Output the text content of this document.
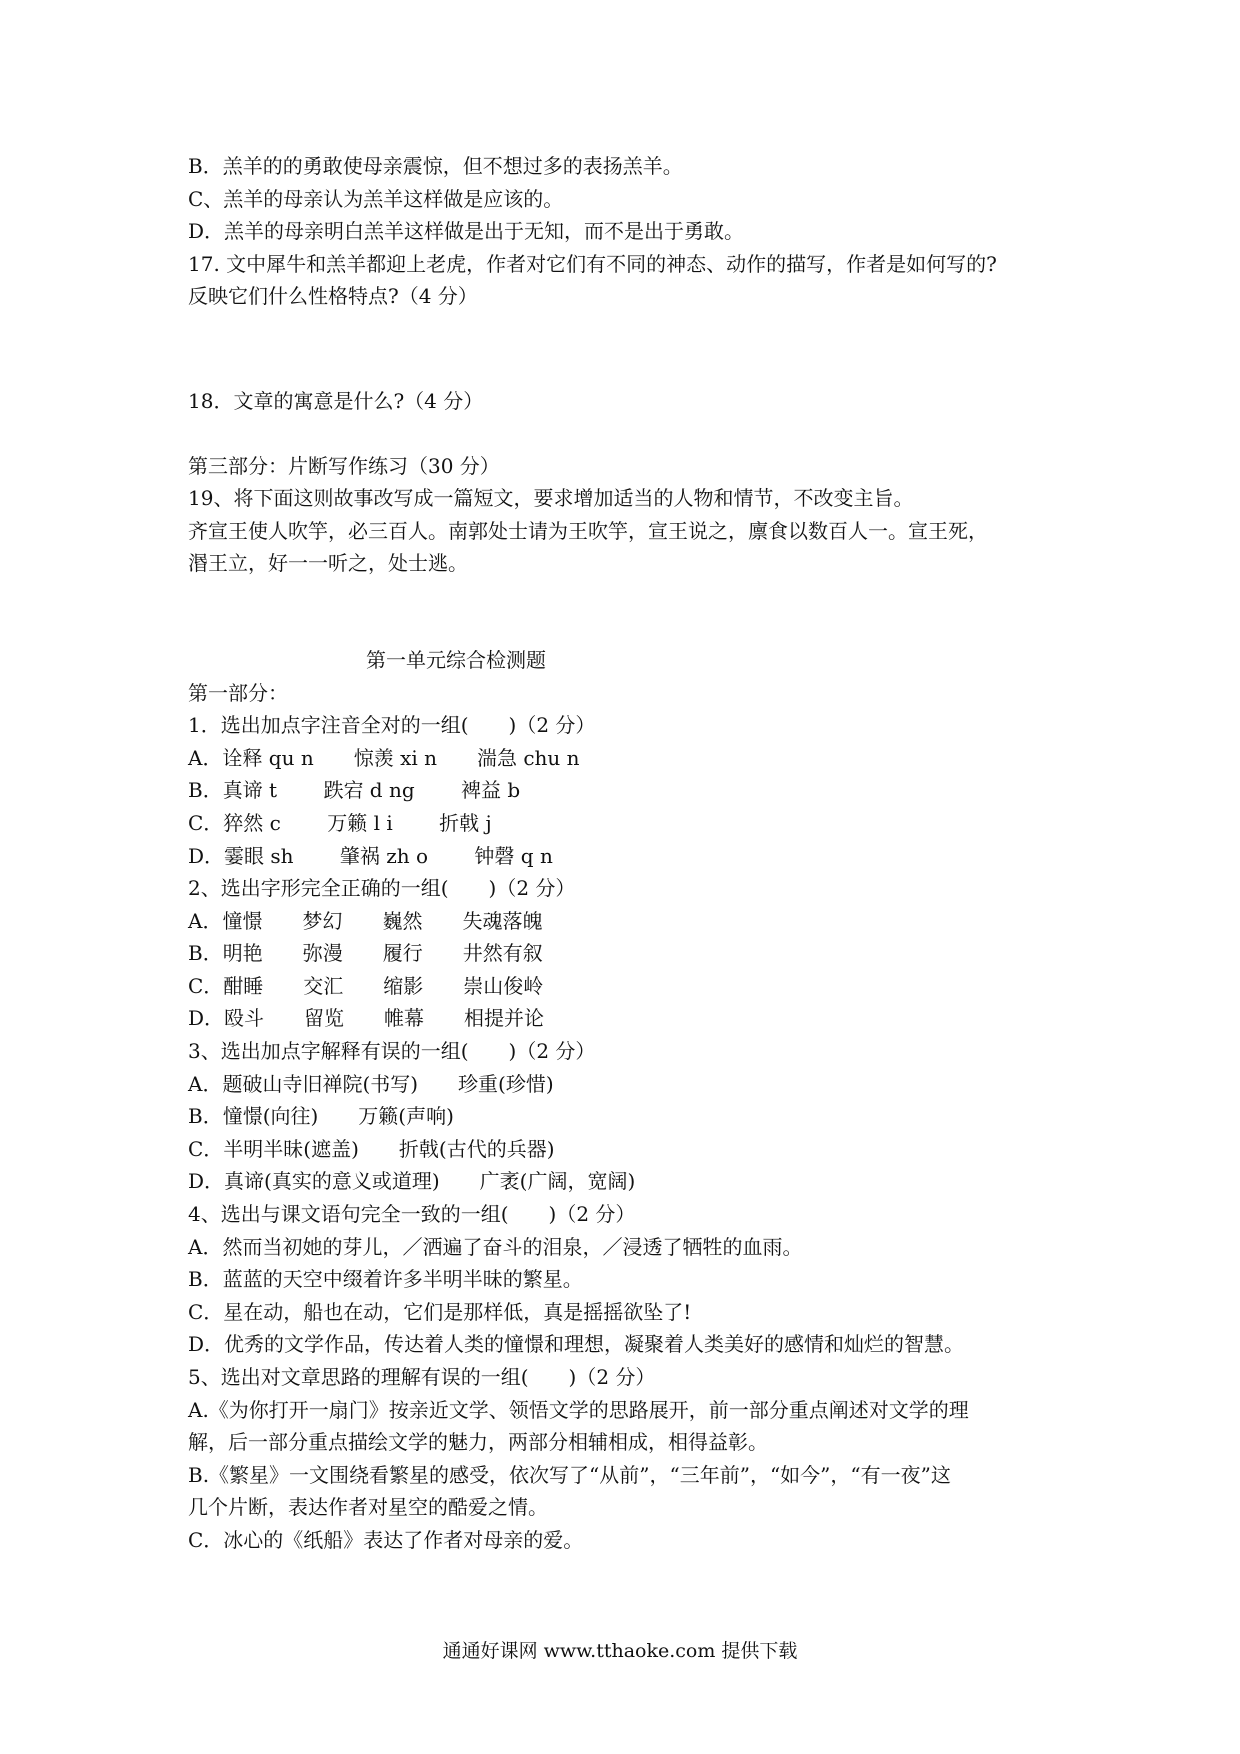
B．羔羊的的勇敢使母亲震惊，但不想过多的表扬羔羊。
C、羔羊的母亲认为羔羊这样做是应该的。
D．羔羊的母亲明白羔羊这样做是出于无知，而不是出于勇敢。
17. 文中犀牛和羔羊都迎上老虎，作者对它们有不同的神态、动作的描写，作者是如何写的?
反映它们什么性格特点?（4 分）
18．文章的寓意是什么?（4 分）
第三部分：片断写作练习（30 分）
19、将下面这则故事改写成一篇短文，要求增加适当的人物和情节，不改变主旨。
齐宣王使人吹竽，必三百人。南郭处士请为王吹竽，宣王说之，廪食以数百人一。宣王死，
湣王立，好一一听之，处士逃。
第一单元综合检测题
第一部分：
1．选出加点字注音全对的一组(　　)（2 分）
A．诠释 qu n　　惊羡 xi n　　湍急 chu n
B．真谛 t　　 跌宕 d ng　　 裨益 b
C．猝然 c　　 万籁 l i　　 折戟 j
D．霎眼 sh　　 肇祸 zh o　　 钟磬 q n
2、选出字形完全正确的一组(　　)（2 分）
A．憧憬　　梦幻　　巍然　　失魂落魄
B．明艳　　弥漫　　履行　　井然有叙
C．酣睡　　交汇　　缩影　　崇山俊岭
D．殴斗　　留览　　帷幕　　相提并论
3、选出加点字解释有误的一组(　　)（2 分）
A．题破山寺旧禅院(书写)　　珍重(珍惜)
B．憧憬(向往)　　万籁(声响)
C．半明半昧(遮盖)　　折戟(古代的兵器)
D．真谛(真实的意义或道理)　　广袤(广阔，宽阔)
4、选出与课文语句完全一致的一组(　　)（2 分）
A．然而当初她的芽儿，／洒遍了奋斗的泪泉，／浸透了牺牲的血雨。
B．蓝蓝的天空中缀着许多半明半昧的繁星。
C．星在动，船也在动，它们是那样低，真是摇摇欲坠了!
D．优秀的文学作品，传达着人类的憧憬和理想，凝聚着人类美好的感情和灿烂的智慧。
5、选出对文章思路的理解有误的一组(　　)（2 分）
A.《为你打开一扇门》按亲近文学、领悟文学的思路展开，前一部分重点阐述对文学的理
解，后一部分重点描绘文学的魅力，两部分相辅相成，相得益彰。
B.《繁星》一文围绕看繁星的感受，依次写了“从前”，“三年前”，“如今”，“有一夜”这
几个片断，表达作者对星空的酷爱之情。
C．冰心的《纸船》表达了作者对母亲的爱。
通通好课网 www.tthaoke.com 提供下载
